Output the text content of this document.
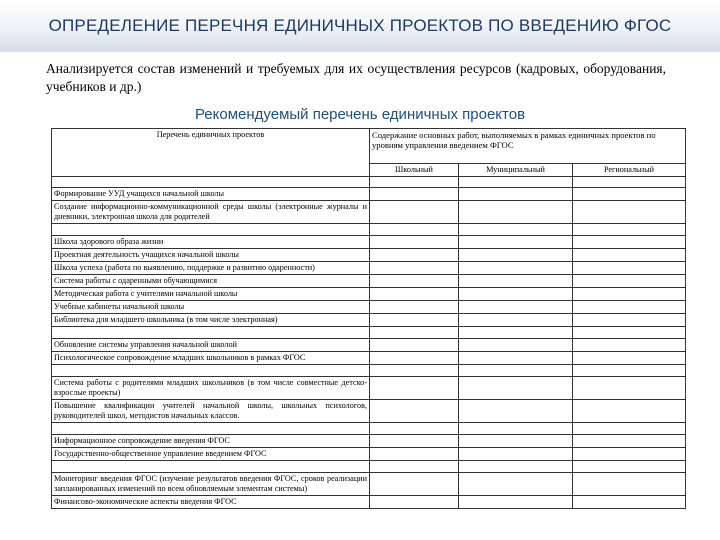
ОПРЕДЕЛЕНИЕ ПЕРЕЧНЯ ЕДИНИЧНЫХ ПРОЕКТОВ ПО ВВЕДЕНИЮ ФГОС
Анализируется состав изменений и требуемых для их осуществления ресурсов (кадровых, оборудования, учебников и др.)
Рекомендуемый перечень единичных проектов
Перечень единичных проектов	Содержание основных работ, выполняемых в рамках единичных проектов по уровням управления введением ФГОС		
	Школьный	Муниципальный	Региональный

Формирование УУД учащихся начальной школы			
Создание информационно-коммуникационной среды школы (электронные журналы и дневники, электронная школа для родителей			

Школа здорового образа жизни			
Проектная деятельность учащихся начальной школы			
Школа успеха (работа по выявлению, поддержке и развитию одаренности)			
Система работы с одаренными обучающимися			
Методическая работа с учителями начальной школы			
Учебные кабинеты начальной школы			
Библиотека для младшего школьника (в том числе электронная)			

Обновление системы управления начальной школой			
Психологическое сопровождение младших школьников в рамках ФГОС			

Система работы с родителями младших школьников (в том числе совместные детско-взрослые проекты)			
Повышение квалификации учителей начальной школы, школьных психологов, руководителей школ, методистов начальных классов.			

Информационное сопровождение введения ФГОС			
Государственно-общественное управление введением ФГОС			

Мониторинг введения ФГОС (изучение результатов введения ФГОС, сроков реализации запланированных изменений по всем обновляемым элементам системы)			
Финансово-экономические аспекты введения ФГОС			
